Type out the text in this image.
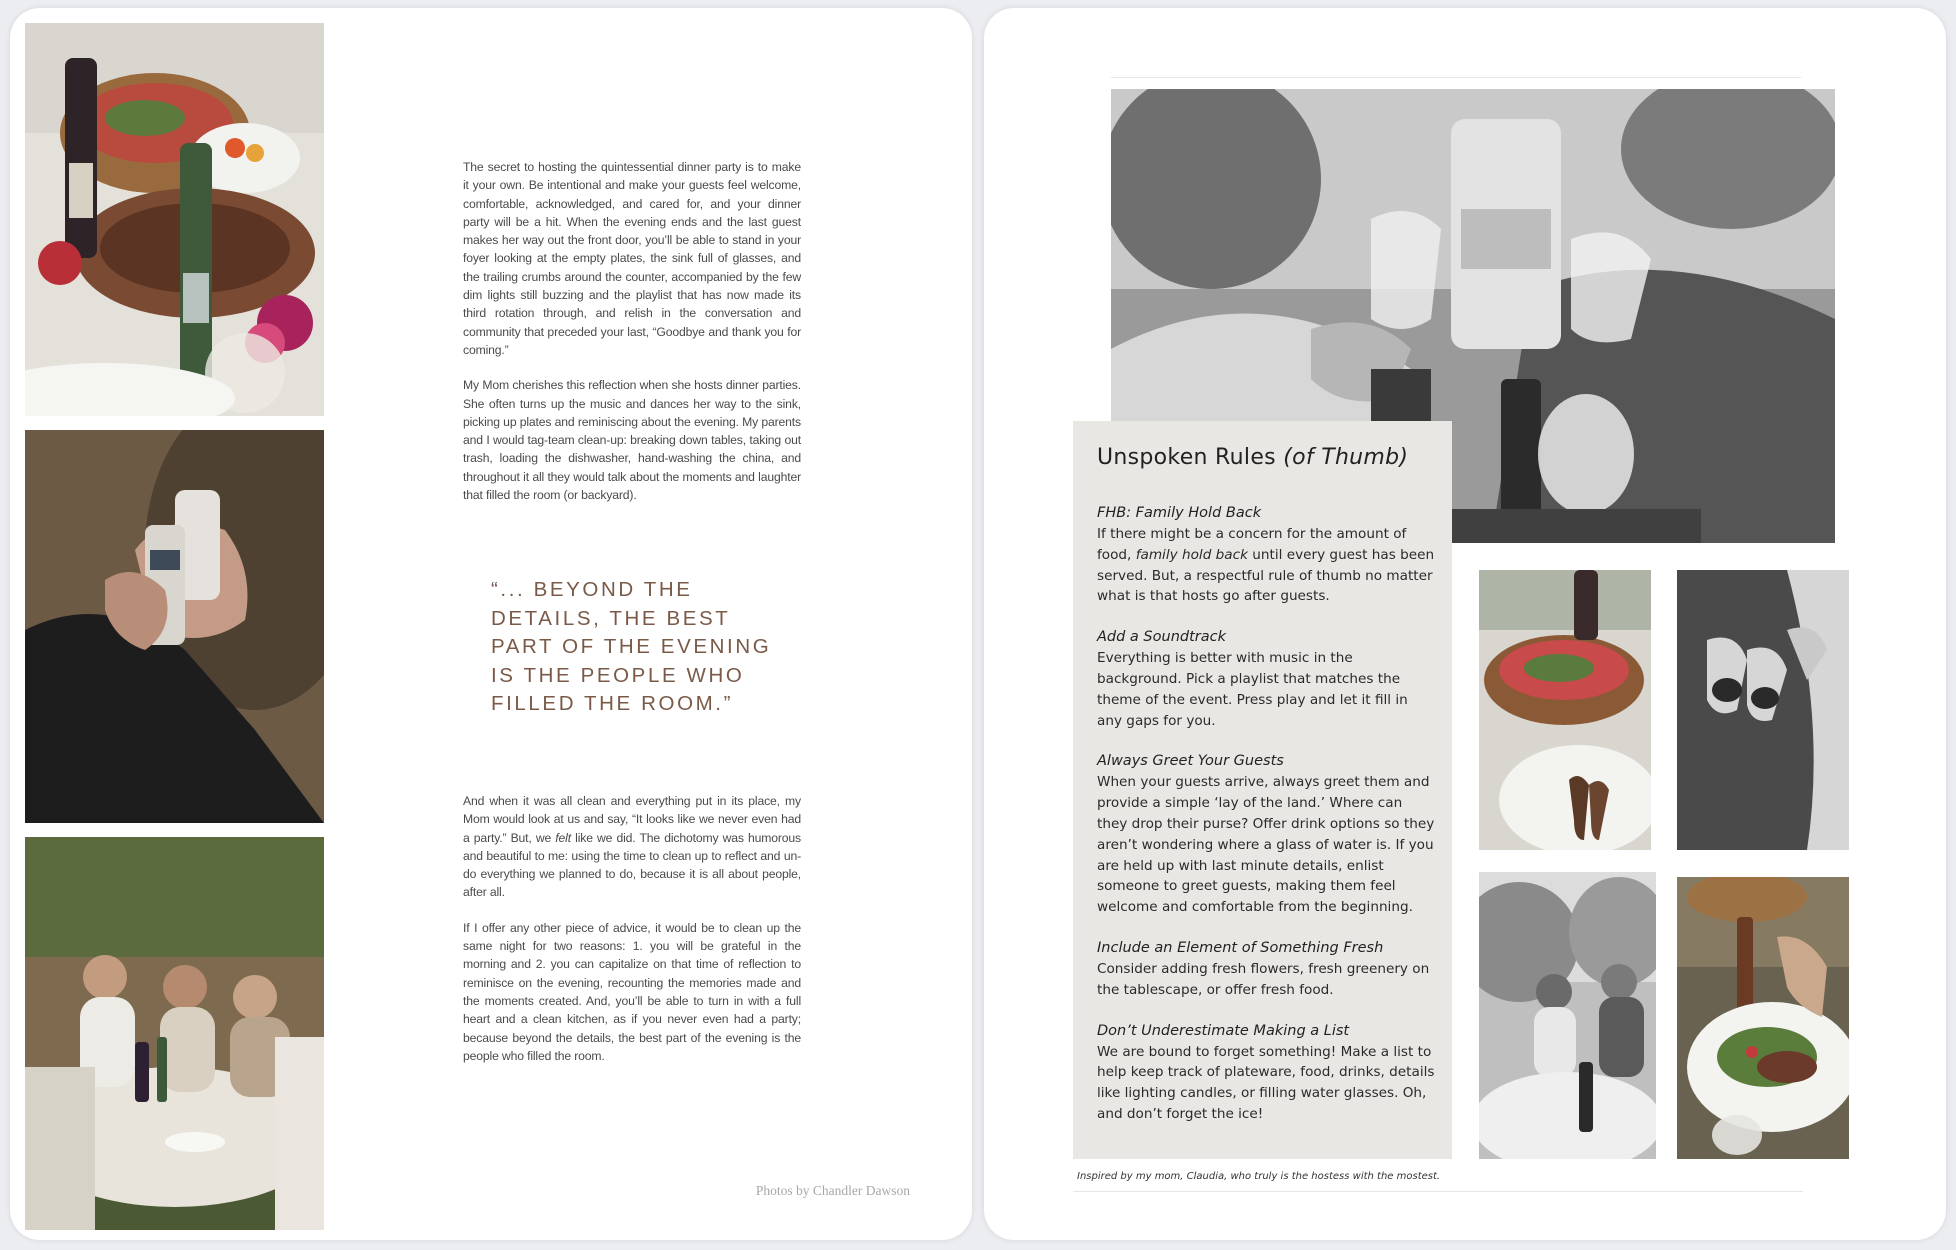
The secret to hosting the quintessential dinner party is to make it your own. Be intentional and make your guests feel welcome, comfortable, acknowledged, and cared for, and your dinner party will be a hit. When the evening ends and the last guest makes her way out the front door, you’ll be able to stand in your foyer looking at the empty plates, the sink full of glasses, and the trailing crumbs around the counter, accompanied by the few dim lights still buzzing and the playlist that has now made its third rotation through, and relish in the conversation and community that preceded your last, “Goodbye and thank you for coming.”

My Mom cherishes this reflection when she hosts dinner parties. She often turns up the music and dances her way to the sink, picking up plates and reminiscing about the evening. My parents and I would tag-team clean-up: breaking down tables, taking out trash, loading the dishwasher, hand-washing the china, and throughout it all they would talk about the moments and laughter that filled the room (or backyard).

“... BEYOND THE DETAILS, THE BEST PART OF THE EVENING IS THE PEOPLE WHO FILLED THE ROOM.”

And when it was all clean and everything put in its place, my Mom would look at us and say, “It looks like we never even had a party.” But, we felt like we did. The dichotomy was humorous and beautiful to me: using the time to clean up to reflect and un-do everything we planned to do, because it is all about people, after all.

If I offer any other piece of advice, it would be to clean up the same night for two reasons: 1. you will be grateful in the morning and 2. you can capitalize on that time of reflection to reminisce on the evening, recounting the memories made and the moments created. And, you’ll be able to turn in with a full heart and a clean kitchen, as if you never even had a party; because beyond the details, the best part of the evening is the people who filled the room.

Photos by Chandler Dawson
Unspoken Rules (of Thumb)
FHB: Family Hold Back
If there might be a concern for the amount of food, family hold back until every guest has been served. But, a respectful rule of thumb no matter what is that hosts go after guests.
Add a Soundtrack
Everything is better with music in the background. Pick a playlist that matches the theme of the event. Press play and let it fill in any gaps for you.
Always Greet Your Guests
When your guests arrive, always greet them and provide a simple ‘lay of the land.’ Where can they drop their purse? Offer drink options so they aren’t wondering where a glass of water is. If you are held up with last minute details, enlist someone to greet guests, making them feel welcome and comfortable from the beginning.
Include an Element of Something Fresh
Consider adding fresh flowers, fresh greenery on the tablescape, or offer fresh food.
Don’t Underestimate Making a List
We are bound to forget something! Make a list to help keep track of plateware, food, drinks, details like lighting candles, or filling water glasses. Oh, and don’t forget the ice!
Inspired by my mom, Claudia, who truly is the hostess with the mostest.
